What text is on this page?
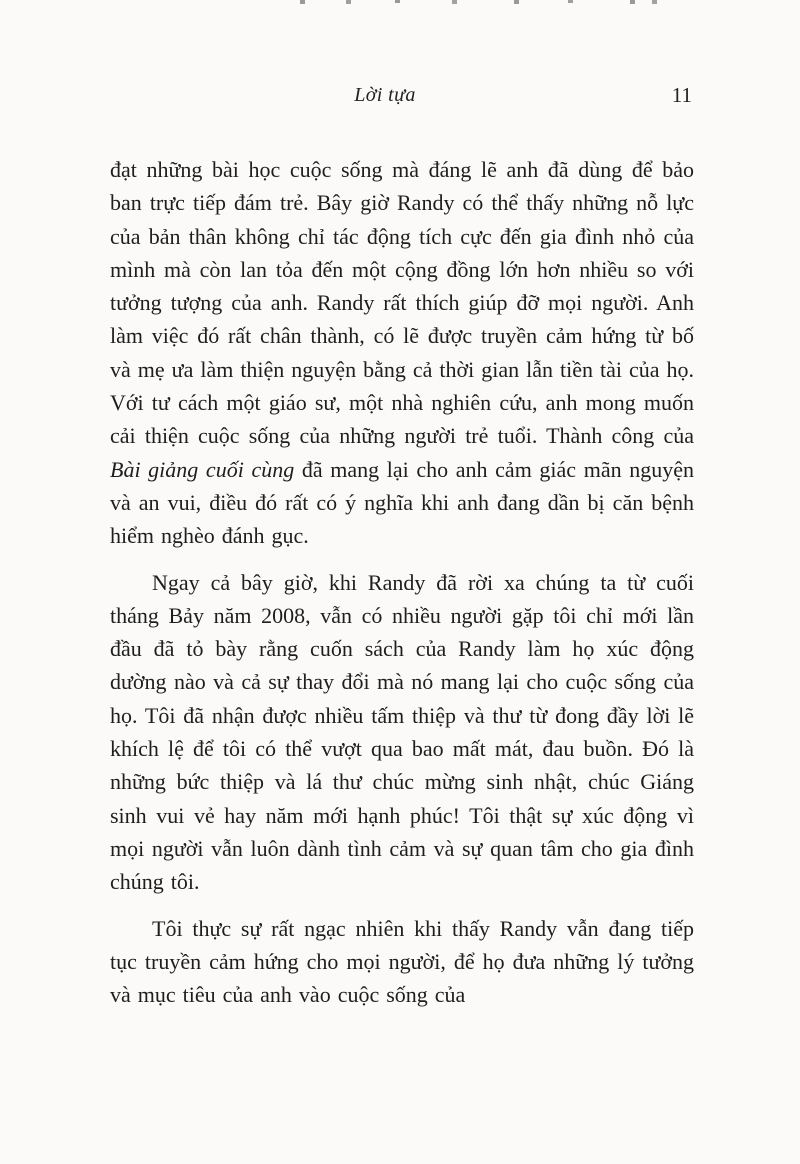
Lời tựa	11

đạt những bài học cuộc sống mà đáng lẽ anh đã dùng để bảo ban trực tiếp đám trẻ. Bây giờ Randy có thể thấy những nỗ lực của bản thân không chỉ tác động tích cực đến gia đình nhỏ của mình mà còn lan tỏa đến một cộng đồng lớn hơn nhiều so với tưởng tượng của anh. Randy rất thích giúp đỡ mọi người. Anh làm việc đó rất chân thành, có lẽ được truyền cảm hứng từ bố và mẹ ưa làm thiện nguyện bằng cả thời gian lẫn tiền tài của họ. Với tư cách một giáo sư, một nhà nghiên cứu, anh mong muốn cải thiện cuộc sống của những người trẻ tuổi. Thành công của Bài giảng cuối cùng đã mang lại cho anh cảm giác mãn nguyện và an vui, điều đó rất có ý nghĩa khi anh đang dần bị căn bệnh hiểm nghèo đánh gục.

Ngay cả bây giờ, khi Randy đã rời xa chúng ta từ cuối tháng Bảy năm 2008, vẫn có nhiều người gặp tôi chỉ mới lần đầu đã tỏ bày rằng cuốn sách của Randy làm họ xúc động dường nào và cả sự thay đổi mà nó mang lại cho cuộc sống của họ. Tôi đã nhận được nhiều tấm thiệp và thư từ đong đầy lời lẽ khích lệ để tôi có thể vượt qua bao mất mát, đau buồn. Đó là những bức thiệp và lá thư chúc mừng sinh nhật, chúc Giáng sinh vui vẻ hay năm mới hạnh phúc! Tôi thật sự xúc động vì mọi người vẫn luôn dành tình cảm và sự quan tâm cho gia đình chúng tôi.

Tôi thực sự rất ngạc nhiên khi thấy Randy vẫn đang tiếp tục truyền cảm hứng cho mọi người, để họ đưa những lý tưởng và mục tiêu của anh vào cuộc sống của
